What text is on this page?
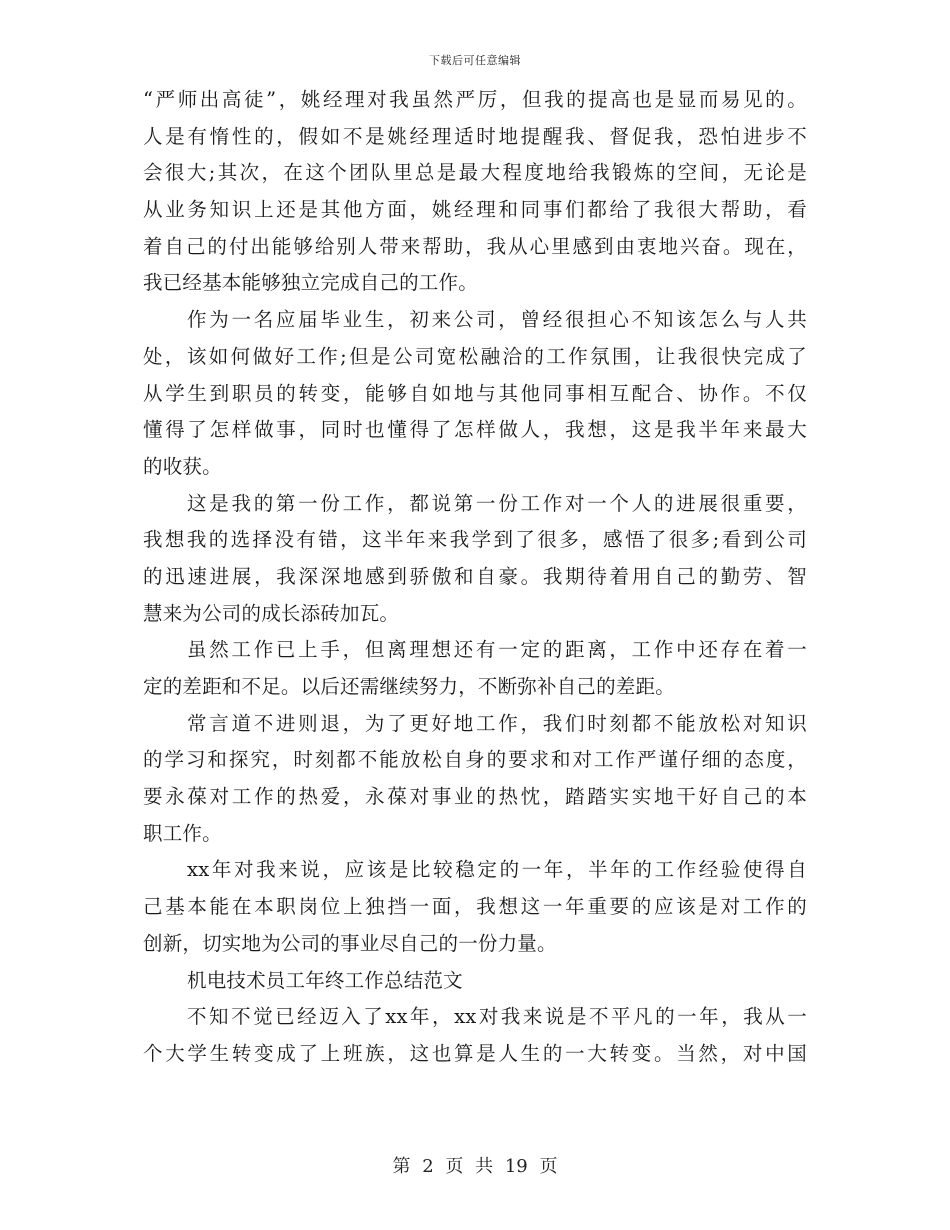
下载后可任意编辑
“严师出高徒”，姚经理对我虽然严厉，但我的提高也是显而易见的。
人是有惰性的，假如不是姚经理适时地提醒我、督促我，恐怕进步不
会很大;其次，在这个团队里总是最大程度地给我锻炼的空间，无论是
从业务知识上还是其他方面，姚经理和同事们都给了我很大帮助，看
着自己的付出能够给别人带来帮助，我从心里感到由衷地兴奋。现在，
我已经基本能够独立完成自己的工作。
作为一名应届毕业生，初来公司，曾经很担心不知该怎么与人共
处，该如何做好工作;但是公司宽松融洽的工作氛围，让我很快完成了
从学生到职员的转变，能够自如地与其他同事相互配合、协作。不仅
懂得了怎样做事，同时也懂得了怎样做人，我想，这是我半年来最大
的收获。
这是我的第一份工作，都说第一份工作对一个人的进展很重要，
我想我的选择没有错，这半年来我学到了很多，感悟了很多;看到公司
的迅速进展，我深深地感到骄傲和自豪。我期待着用自己的勤劳、智
慧来为公司的成长添砖加瓦。
虽然工作已上手，但离理想还有一定的距离，工作中还存在着一
定的差距和不足。以后还需继续努力，不断弥补自己的差距。
常言道不进则退，为了更好地工作，我们时刻都不能放松对知识
的学习和探究，时刻都不能放松自身的要求和对工作严谨仔细的态度，
要永葆对工作的热爱，永葆对事业的热忱，踏踏实实地干好自己的本
职工作。
xx年对我来说，应该是比较稳定的一年，半年的工作经验使得自
己基本能在本职岗位上独挡一面，我想这一年重要的应该是对工作的
创新，切实地为公司的事业尽自己的一份力量。
机电技术员工年终工作总结范文
不知不觉已经迈入了xx年，xx对我来说是不平凡的一年，我从一
个大学生转变成了上班族，这也算是人生的一大转变。当然，对中国
第 2 页 共 19 页
